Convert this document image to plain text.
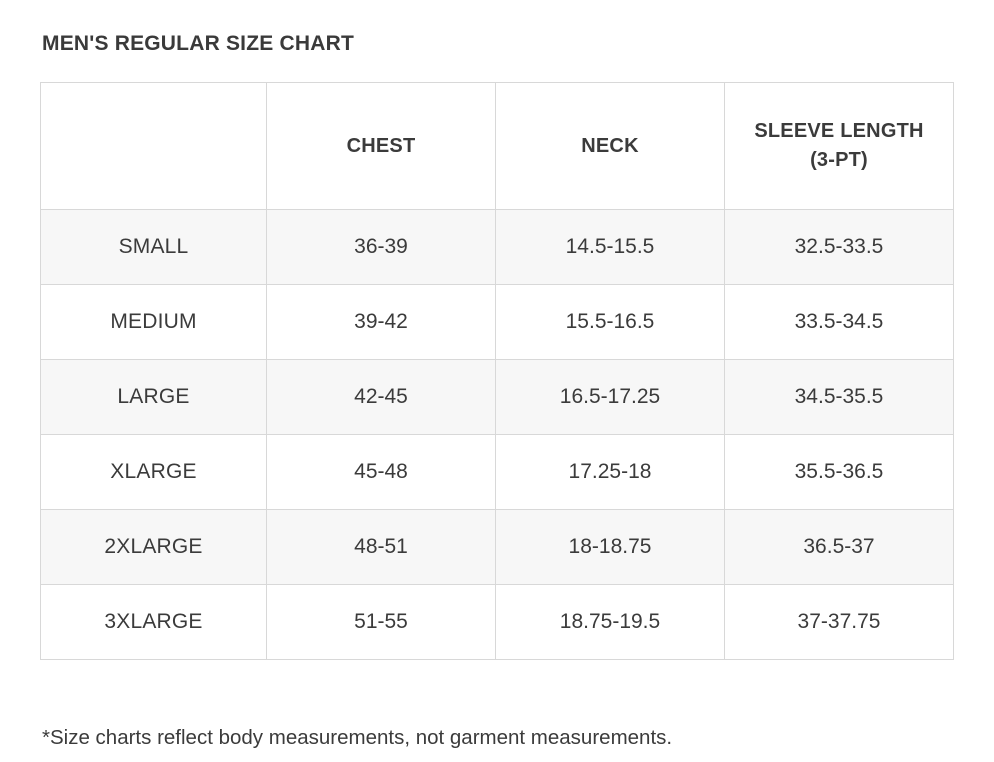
MEN'S REGULAR SIZE CHART
	CHEST	NECK	SLEEVE LENGTH
(3-PT)
SMALL	36-39	14.5-15.5	32.5-33.5
MEDIUM	39-42	15.5-16.5	33.5-34.5
LARGE	42-45	16.5-17.25	34.5-35.5
XLARGE	45-48	17.25-18	35.5-36.5
2XLARGE	48-51	18-18.75	36.5-37
3XLARGE	51-55	18.75-19.5	37-37.75

*Size charts reflect body measurements, not garment measurements.
